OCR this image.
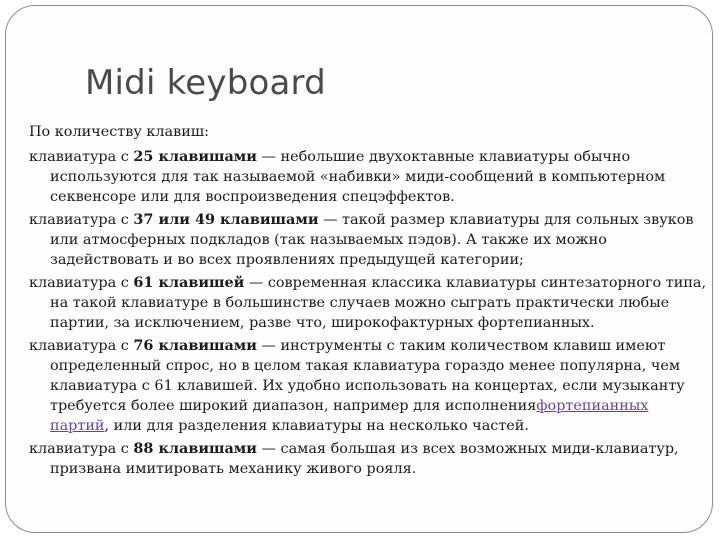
Midi keyboard

По количеству клавиш:

клавиатура с 25 клавишами — небольшие двухоктавные клавиатуры обычно используются для так называемой «набивки» миди-сообщений в компьютерном секвенсоре или для воспроизведения спецэффектов.

клавиатура с 37 или 49 клавишами — такой размер клавиатуры для сольных звуков или атмосферных подкладов (так называемых пэдов). А также их можно задействовать и во всех проявлениях предыдущей категории;

клавиатура с 61 клавишей — современная классика клавиатуры синтезаторного типа, на такой клавиатуре в большинстве случаев можно сыграть практически любые партии, за исключением, разве что, широкофактурных фортепианных.

клавиатура с 76 клавишами — инструменты с таким количеством клавиш имеют определенный спрос, но в целом такая клавиатура гораздо менее популярна, чем клавиатура с 61 клавишей. Их удобно использовать на концертах, если музыканту требуется более широкий диапазон, например для исполненияфортепианных партий, или для разделения клавиатуры на несколько частей.

клавиатура с 88 клавишами — самая большая из всех возможных миди-клавиатур, призвана имитировать механику живого рояля.
